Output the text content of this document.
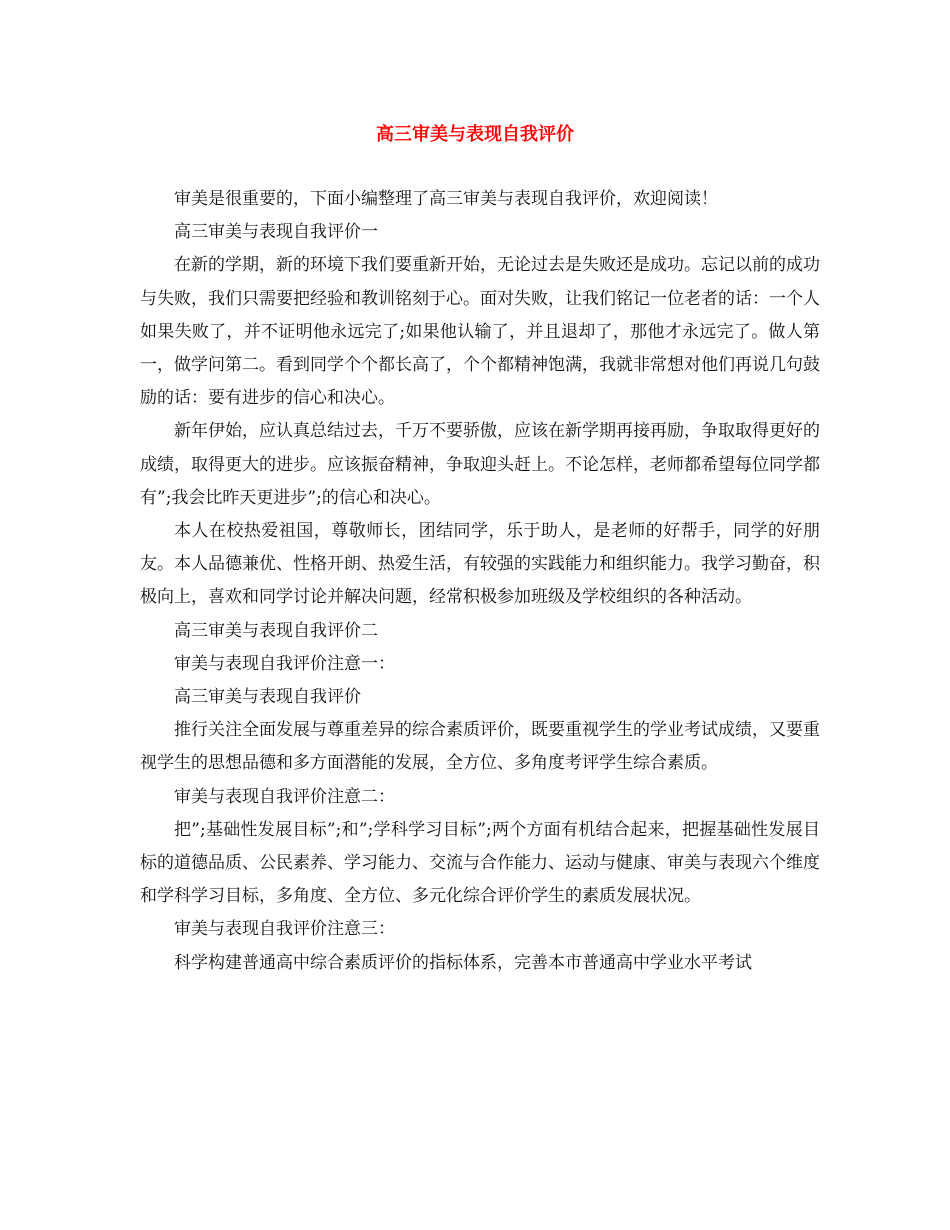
高三审美与表现自我评价

审美是很重要的，下面小编整理了高三审美与表现自我评价，欢迎阅读！

高三审美与表现自我评价一

在新的学期，新的环境下我们要重新开始，无论过去是失败还是成功。忘记以前的成功与失败，我们只需要把经验和教训铭刻于心。面对失败，让我们铭记一位老者的话：一个人如果失败了，并不证明他永远完了;如果他认输了，并且退却了，那他才永远完了。做人第一，做学问第二。看到同学个个都长高了，个个都精神饱满，我就非常想对他们再说几句鼓励的话：要有进步的信心和决心。

新年伊始，应认真总结过去，千万不要骄傲，应该在新学期再接再励，争取取得更好的成绩，取得更大的进步。应该振奋精神，争取迎头赶上。不论怎样，老师都希望每位同学都有”;我会比昨天更进步”;的信心和决心。

本人在校热爱祖国，尊敬师长，团结同学，乐于助人，是老师的好帮手，同学的好朋友。本人品德兼优、性格开朗、热爱生活，有较强的实践能力和组织能力。我学习勤奋，积极向上，喜欢和同学讨论并解决问题，经常积极参加班级及学校组织的各种活动。

高三审美与表现自我评价二

审美与表现自我评价注意一：

高三审美与表现自我评价

推行关注全面发展与尊重差异的综合素质评价，既要重视学生的学业考试成绩，又要重视学生的思想品德和多方面潜能的发展，全方位、多角度考评学生综合素质。

审美与表现自我评价注意二：

把”;基础性发展目标”;和”;学科学习目标”;两个方面有机结合起来，把握基础性发展目标的道德品质、公民素养、学习能力、交流与合作能力、运动与健康、审美与表现六个维度和学科学习目标，多角度、全方位、多元化综合评价学生的素质发展状况。

审美与表现自我评价注意三：

科学构建普通高中综合素质评价的指标体系，完善本市普通高中学业水平考试
